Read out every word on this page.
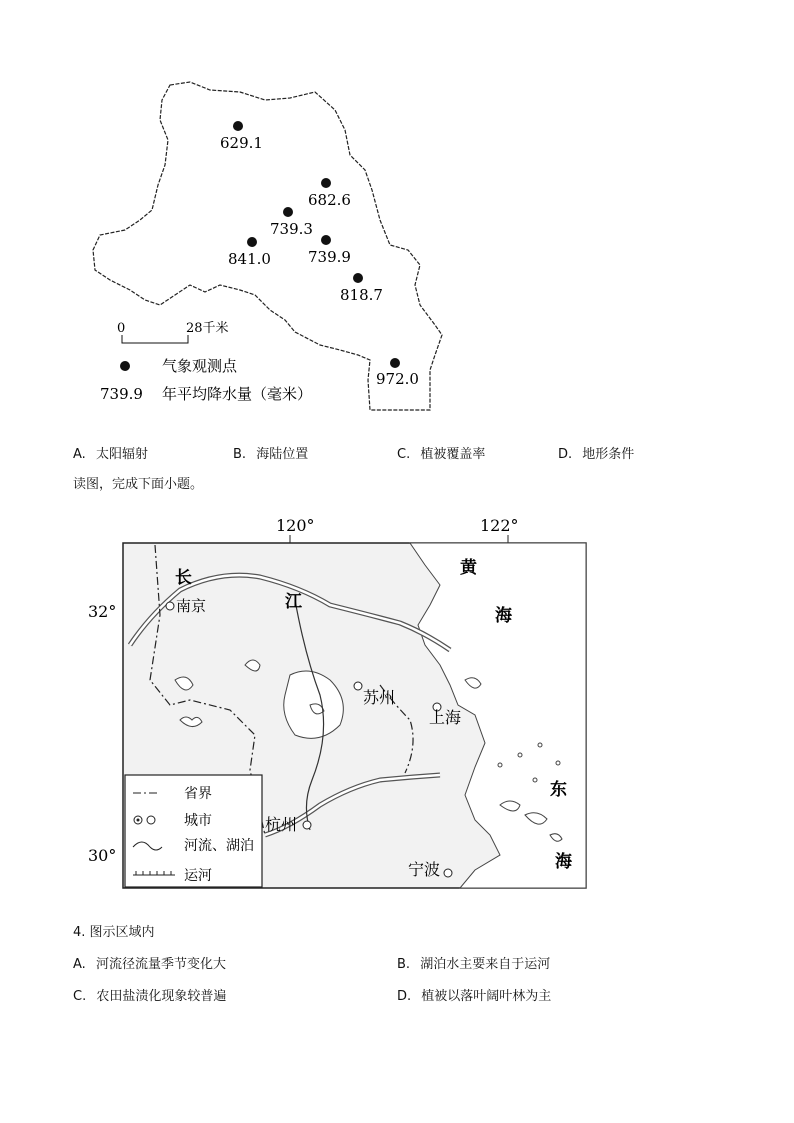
629.1
682.6
739.3
739.9
841.0
818.7
972.0
0	28千米
气象观测点
739.9 年平均降水量（毫米）
A. 太阳辐射	B. 海陆位置	C. 植被覆盖率	D. 地形条件
读图，完成下面小题。
120°	122°
32°
30°
长
江
黄
海
南京
苏州
上海
杭州
宁波
东
海
省界
城市
河流、湖泊
运河
4. 图示区域内
A. 河流径流量季节变化大	B. 湖泊水主要来自于运河
C. 农田盐渍化现象较普遍	D. 植被以落叶阔叶林为主
